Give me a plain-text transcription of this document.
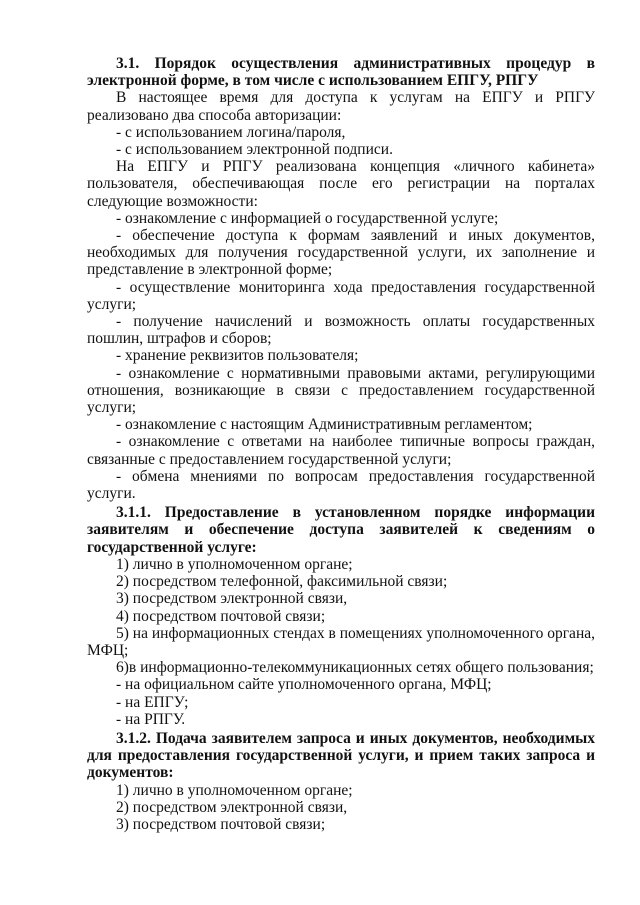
3.1. Порядок осуществления административных процедур в электронной форме, в том числе с использованием ЕПГУ, РПГУ

В настоящее время для доступа к услугам на ЕПГУ и РПГУ реализовано два способа авторизации:

- с использованием логина/пароля,

- с использованием электронной подписи.

На ЕПГУ и РПГУ реализована концепция «личного кабинета» пользователя, обеспечивающая после его регистрации на порталах следующие возможности:

- ознакомление с информацией о государственной услуге;

- обеспечение доступа к формам заявлений и иных документов, необходимых для получения государственной услуги, их заполнение и представление в электронной форме;

- осуществление мониторинга хода предоставления государственной услуги;

- получение начислений и возможность оплаты государственных пошлин, штрафов и сборов;

- хранение реквизитов пользователя;

- ознакомление с нормативными правовыми актами, регулирующими отношения, возникающие в связи с предоставлением государственной услуги;

- ознакомление с настоящим Административным регламентом;

- ознакомление с ответами на наиболее типичные вопросы граждан, связанные с предоставлением государственной услуги;

- обмена мнениями по вопросам предоставления государственной услуги.

3.1.1. Предоставление в установленном порядке информации заявителям и обеспечение доступа заявителей к сведениям о государственной услуге:

1) лично в уполномоченном органе;

2) посредством телефонной, факсимильной связи;

3) посредством электронной связи,

4) посредством почтовой связи;

5) на информационных стендах в помещениях уполномоченного органа, МФЦ;

6)в информационно-телекоммуникационных сетях общего пользования;

- на официальном сайте уполномоченного органа, МФЦ;

- на ЕПГУ;

- на РПГУ.

3.1.2. Подача заявителем запроса и иных документов, необходимых для предоставления государственной услуги, и прием таких запроса и документов:

1) лично в уполномоченном органе;

2) посредством электронной связи,

3) посредством почтовой связи;
